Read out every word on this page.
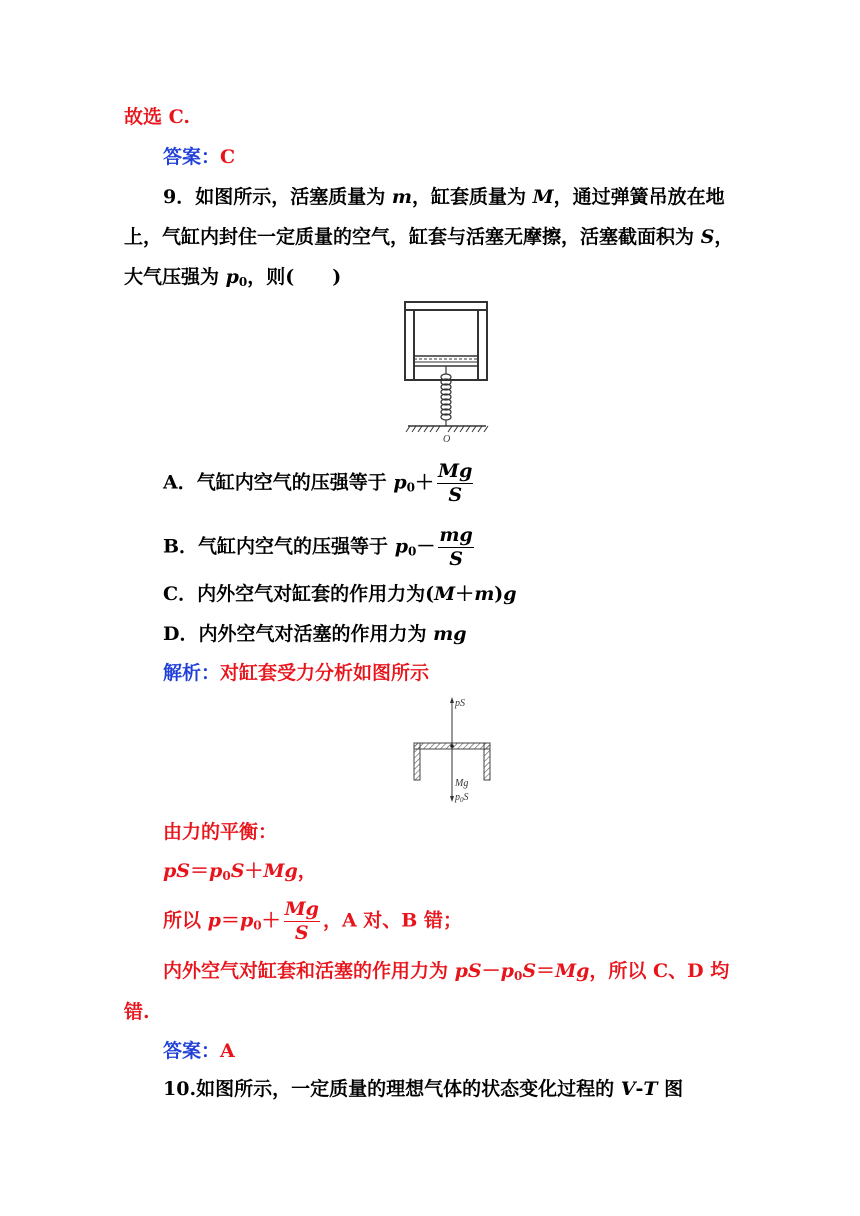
故选 C.
答案：C
9．如图所示，活塞质量为 m，缸套质量为 M，通过弹簧吊放在地
上，气缸内封住一定质量的空气，缸套与活塞无摩擦，活塞截面积为 S，
大气压强为 $p_0$，则(　　)
O
A．气缸内空气的压强等于 $p_0+ \frac{Mg}{S}$
B．气缸内空气的压强等于 $p_0- \frac{mg}{S}$
C．内外空气对缸套的作用力为(M＋m)g
D．内外空气对活塞的作用力为 mg
解析：对缸套受力分析如图所示
pS
Mg
$p_0S$
由力的平衡：
$pS=p_0S+Mg$，
所以 $p=p_0+ \frac{Mg}{S}$ ，A 对、B 错；
内外空气对缸套和活塞的作用力为 $pS-p_0S=Mg$，所以 C、D 均
错.
答案：A
10.如图所示，一定质量的理想气体的状态变化过程的 V-T 图
